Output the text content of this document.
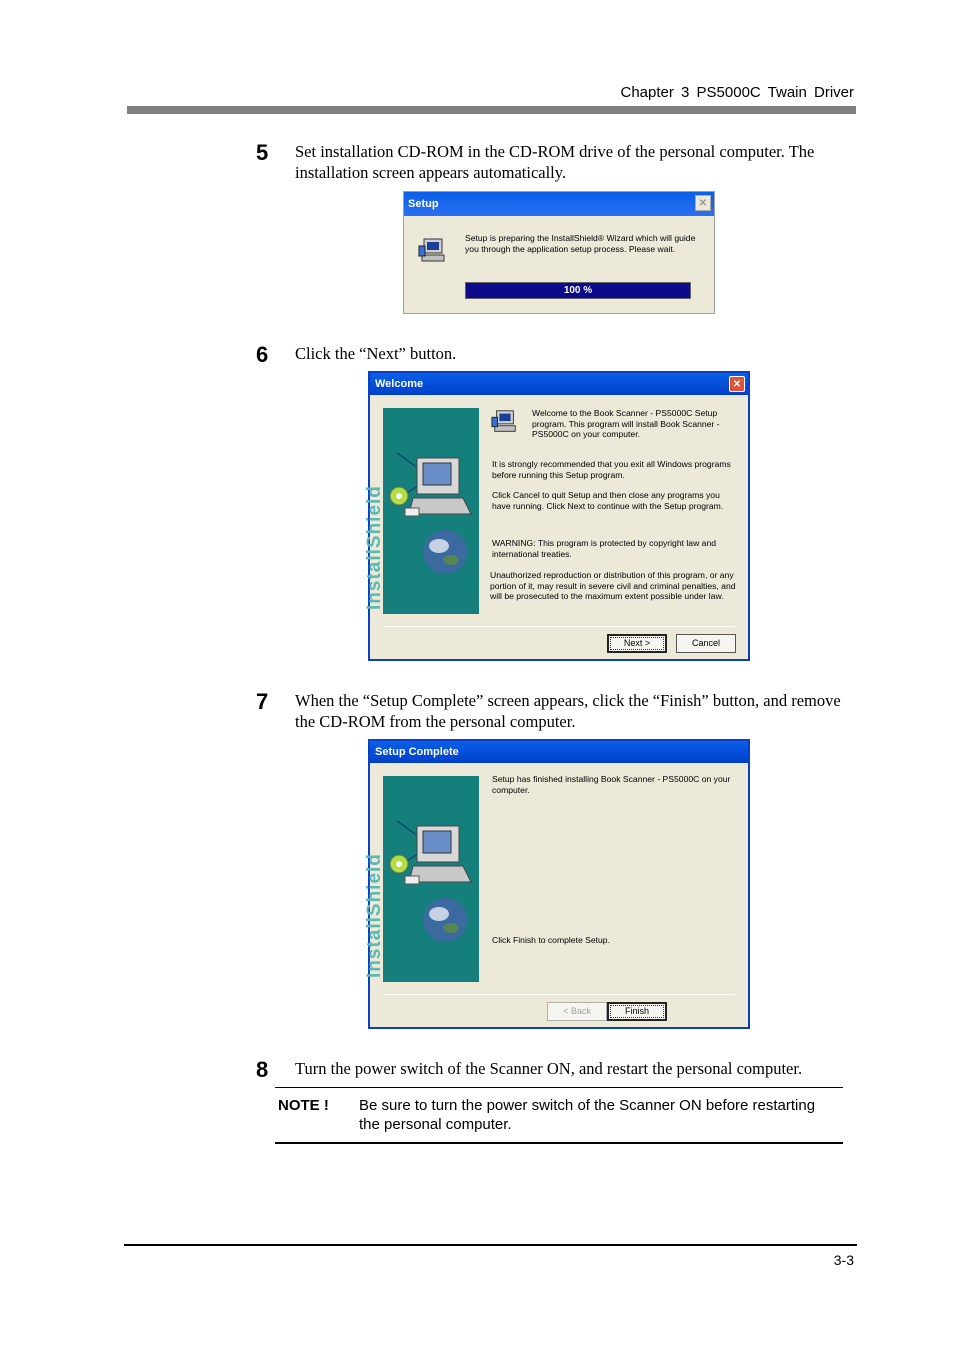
Chapter 3 PS5000C Twain Driver
5 Set installation CD-ROM in the CD-ROM drive of the personal computer. The installation screen appears automatically.
Setup	✕
Setup is preparing the InstallShield® Wizard which will guide you through the application setup process. Please wait.
100 %
6 Click the “Next” button.
Welcome	✕
InstallShield
Welcome to the Book Scanner - PS5000C Setup program. This program will install Book Scanner - PS5000C on your computer.
It is strongly recommended that you exit all Windows programs before running this Setup program.
Click Cancel to quit Setup and then close any programs you have running. Click Next to continue with the Setup program.
WARNING: This program is protected by copyright law and international treaties.
Unauthorized reproduction or distribution of this program, or any portion of it, may result in severe civil and criminal penalties, and will be prosecuted to the maximum extent possible under law.
Next >	Cancel
7 When the “Setup Complete” screen appears, click the “Finish” button, and remove the CD-ROM from the personal computer.
Setup Complete
InstallShield
Setup has finished installing Book Scanner - PS5000C on your computer.
Click Finish to complete Setup.
< Back	Finish
8 Turn the power switch of the Scanner ON, and restart the personal computer.
NOTE ! Be sure to turn the power switch of the Scanner ON before restarting the personal computer.
3-3
